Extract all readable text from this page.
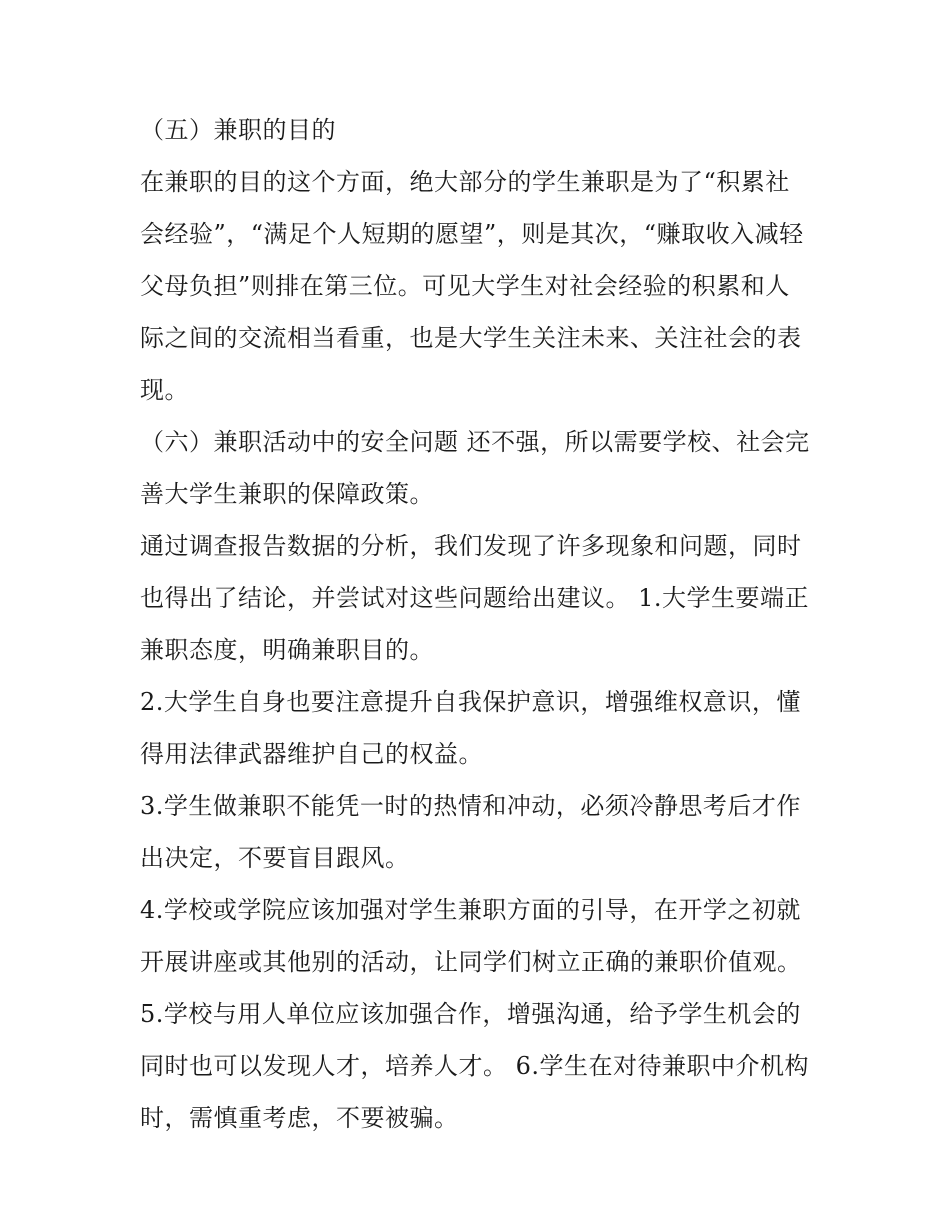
（五）兼职的目的

在兼职的目的这个方面，绝大部分的学生兼职是为了“积累社会经验”，“满足个人短期的愿望”，则是其次，“赚取收入减轻父母负担”则排在第三位。可见大学生对社会经验的积累和人际之间的交流相当看重，也是大学生关注未来、关注社会的表现。

（六）兼职活动中的安全问题 还不强，所以需要学校、社会完善大学生兼职的保障政策。

通过调查报告数据的分析，我们发现了许多现象和问题，同时也得出了结论，并尝试对这些问题给出建议。 1.大学生要端正兼职态度，明确兼职目的。

2.大学生自身也要注意提升自我保护意识，增强维权意识，懂得用法律武器维护自己的权益。

3.学生做兼职不能凭一时的热情和冲动，必须冷静思考后才作出决定，不要盲目跟风。

4.学校或学院应该加强对学生兼职方面的引导，在开学之初就开展讲座或其他别的活动，让同学们树立正确的兼职价值观。

5.学校与用人单位应该加强合作，增强沟通，给予学生机会的同时也可以发现人才，培养人才。 6.学生在对待兼职中介机构时，需慎重考虑，不要被骗。
